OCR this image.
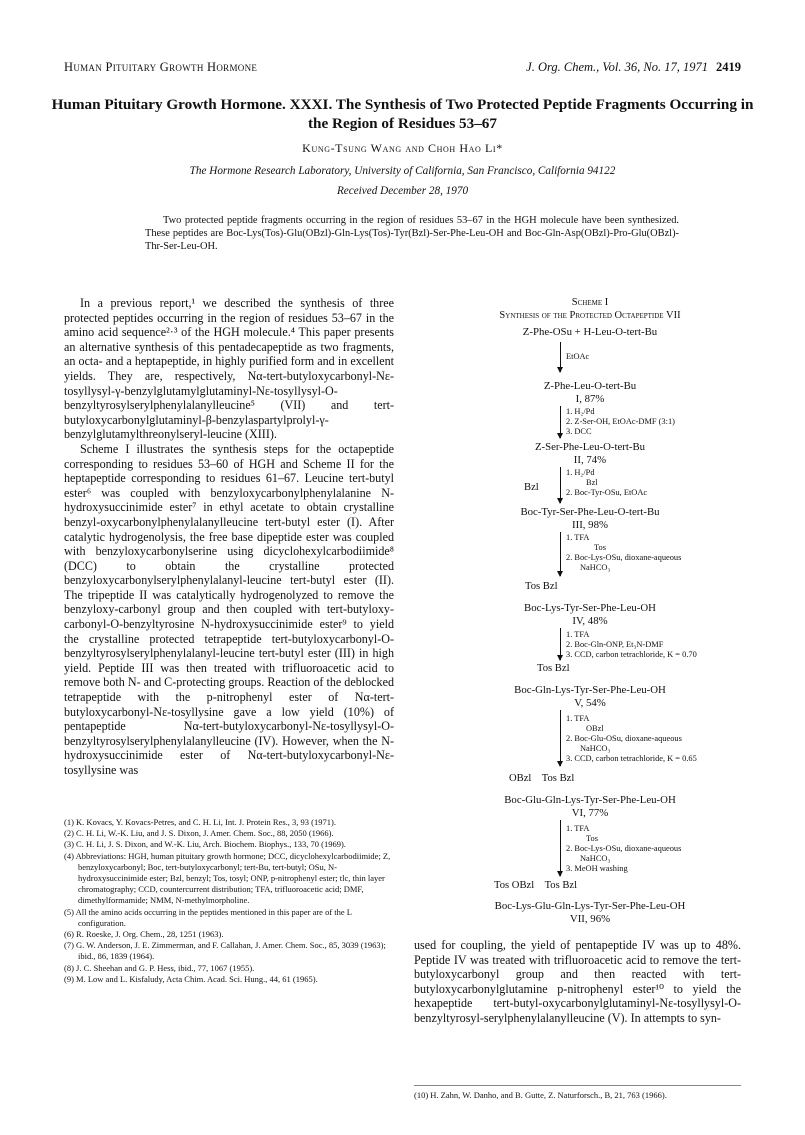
Human Pituitary Growth Hormone	J. Org. Chem., Vol. 36, No. 17, 1971 2419
Human Pituitary Growth Hormone. XXXI. The Synthesis of Two Protected Peptide Fragments Occurring in the Region of Residues 53–67
Kung-Tsung Wang and Choh Hao Li*
The Hormone Research Laboratory, University of California, San Francisco, California 94122
Received December 28, 1970
Two protected peptide fragments occurring in the region of residues 53–67 in the HGH molecule have been synthesized. These peptides are Boc-Lys(Tos)-Glu(OBzl)-Gln-Lys(Tos)-Tyr(Bzl)-Ser-Phe-Leu-OH and Boc-Gln-Asp(OBzl)-Pro-Glu(OBzl)-Thr-Ser-Leu-OH.

In a previous report,¹ we described the synthesis of three protected peptides occurring in the region of residues 53–67 in the amino acid sequence²·³ of the HGH molecule.⁴ This paper presents an alternative synthesis of this pentadecapeptide as two fragments, an octa- and a heptapeptide, in highly purified form and in excellent yields. They are, respectively, Nα-tert-butyloxycarbonyl-Nε-tosyllysyl-γ-benzylglutamylglutaminyl-Nε-tosyllysyl-O-benzyltyrosylserylphenylalanylleucine⁵ (VII) and tert-butyloxycarbonylglutaminyl-β-benzylaspartylprolyl-γ-benzylglutamylthreonylseryl-leucine (XIII).

Scheme I illustrates the synthesis steps for the octapeptide corresponding to residues 53–60 of HGH and Scheme II for the heptapeptide corresponding to residues 61–67. Leucine tert-butyl ester⁶ was coupled with benzyloxycarbonylphenylalanine N-hydroxysuccinimide ester⁷ in ethyl acetate to obtain crystalline benzyl-oxycarbonylphenylalanylleucine tert-butyl ester (I). After catalytic hydrogenolysis, the free base dipeptide ester was coupled with benzyloxycarbonylserine using dicyclohexylcarbodiimide⁸ (DCC) to obtain the crystalline protected benzyloxycarbonylserylphenylalanyl-leucine tert-butyl ester (II). The tripeptide II was catalytically hydrogenolyzed to remove the benzyloxy-carbonyl group and then coupled with tert-butyloxy-carbonyl-O-benzyltyrosine N-hydroxysuccinimide ester⁹ to yield the crystalline protected tetrapeptide tert-butyloxycarbonyl-O-benzyltyrosylserylphenylalanyl-leucine tert-butyl ester (III) in high yield. Peptide III was then treated with trifluoroacetic acid to remove both N- and C-protecting groups. Reaction of the deblocked tetrapeptide with the p-nitrophenyl ester of Nα-tert-butyloxycarbonyl-Nε-tosyllysine gave a low yield (10%) of pentapeptide Nα-tert-butyloxycarbonyl-Nε-tosyllysyl-O-benzyltyrosylserylphenylalanylleucine (IV). However, when the N-hydroxysuccinimide ester of Nα-tert-butyloxycarbonyl-Nε-tosyllysine was

(1) K. Kovacs, Y. Kovacs-Petres, and C. H. Li, Int. J. Protein Res., 3, 93 (1971).
(2) C. H. Li, W.-K. Liu, and J. S. Dixon, J. Amer. Chem. Soc., 88, 2050 (1966).
(3) C. H. Li, J. S. Dixon, and W.-K. Liu, Arch. Biochem. Biophys., 133, 70 (1969).
(4) Abbreviations: HGH, human pituitary growth hormone; DCC, dicyclohexylcarbodiimide; Z, benzyloxycarbonyl; Boc, tert-butyloxycarbonyl; tert-Bu, tert-butyl; OSu, N-hydroxysuccinimide ester; Bzl, benzyl; Tos, tosyl; ONP, p-nitrophenyl ester; tlc, thin layer chromatography; CCD, countercurrent distribution; TFA, trifluoroacetic acid; DMF, dimethylformamide; NMM, N-methylmorpholine.
(5) All the amino acids occurring in the peptides mentioned in this paper are of the L configuration.
(6) R. Roeske, J. Org. Chem., 28, 1251 (1963).
(7) G. W. Anderson, J. E. Zimmerman, and F. Callahan, J. Amer. Chem. Soc., 85, 3039 (1963); ibid., 86, 1839 (1964).
(8) J. C. Sheehan and G. P. Hess, ibid., 77, 1067 (1955).
(9) M. Low and L. Kisfaludy, Acta Chim. Acad. Sci. Hung., 44, 61 (1965).
Scheme I
Synthesis of the Protected Octapeptide VII
Z-Phe-OSu + H-Leu-O-tert-Bu
EtOAc
Z-Phe-Leu-O-tert-Bu
I, 87%
1. H₂/Pd
2. Z-Ser-OH, EtOAc-DMF (3:1)
3. DCC
Z-Ser-Phe-Leu-O-tert-Bu
II, 74%
1. H₂/Pd
Bzl
2. Boc-Tyr-OSu, EtOAc
Bzl
Boc-Tyr-Ser-Phe-Leu-O-tert-Bu
III, 98%
1. TFA
Tos
2. Boc-Lys-OSu, dioxane-aqueous
NaHCO₃
Tos Bzl
Boc-Lys-Tyr-Ser-Phe-Leu-OH
IV, 48%
1. TFA
2. Boc-Gln-ONP, Et₃N-DMF
3. CCD, carbon tetrachloride, K = 0.70
Tos Bzl
Boc-Gln-Lys-Tyr-Ser-Phe-Leu-OH
V, 54%
1. TFA
OBzl
2. Boc-Glu-OSu, dioxane-aqueous
NaHCO₃
3. CCD, carbon tetrachloride, K = 0.65
OBzl    Tos Bzl
Boc-Glu-Gln-Lys-Tyr-Ser-Phe-Leu-OH
VI, 77%
1. TFA
Tos
2. Boc-Lys-OSu, dioxane-aqueous
NaHCO₃
3. MeOH washing
Tos OBzl    Tos Bzl
Boc-Lys-Glu-Gln-Lys-Tyr-Ser-Phe-Leu-OH
VII, 96%
used for coupling, the yield of pentapeptide IV was up to 48%. Peptide IV was treated with trifluoroacetic acid to remove the tert-butyloxycarbonyl group and then reacted with tert-butyloxycarbonylglutamine p-nitrophenyl ester¹⁰ to yield the hexapeptide tert-butyl-oxycarbonylglutaminyl-Nε-tosyllysyl-O-benzyltyrosyl-serylphenylalanylleucine (V). In attempts to syn-
(10) H. Zahn, W. Danho, and B. Gutte, Z. Naturforsch., B, 21, 763 (1966).
